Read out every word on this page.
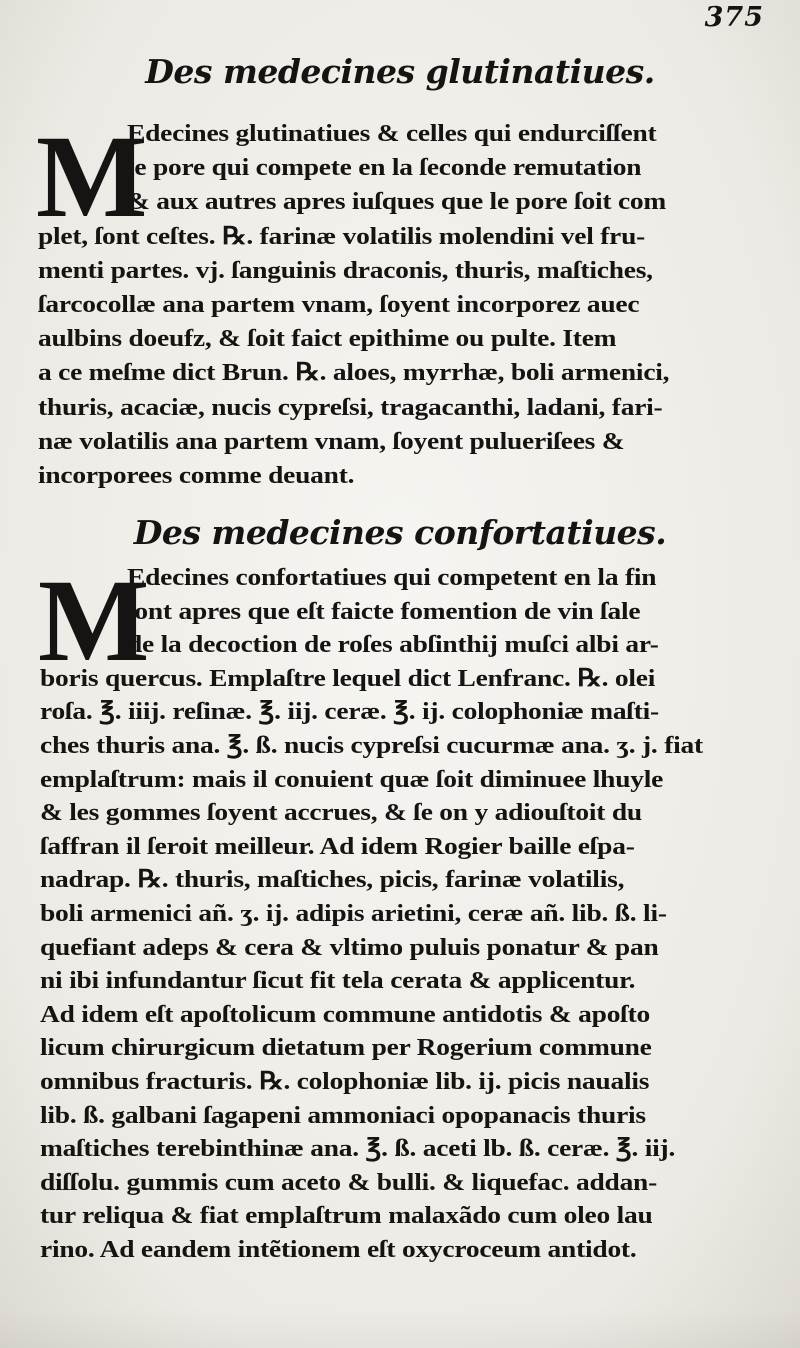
375
Des medecines glutinatiues.
M
Edecines glutinatiues & celles qui endurciſſent
le pore qui compete en la ſeconde remutation
& aux autres apres iuſques que le pore ſoit com
plet, ſont ceſtes. ℞. farinæ volatilis molendini vel fru-
menti partes. vj. ſanguinis draconis, thuris, maſtiches,
ſarcocollæ ana partem vnam, ſoyent incorporez auec
aulbins doeufz, & ſoit faict epithime ou pulte. Item
a ce meſme dict Brun. ℞. aloes, myrrhæ, boli armenici,
thuris, acaciæ, nucis cypreſsi, tragacanthi, ladani, fari-
næ volatilis ana partem vnam, ſoyent pulueriſees &
incorporees comme deuant.
Des medecines confortatiues.
M
Edecines confortatiues qui competent en la fin
ſont apres que eſt faicte fomention de vin ſale
de la decoction de roſes abſinthij muſci albi ar-
boris quercus. Emplaſtre lequel dict Lenfranc. ℞. olei
roſa. ℥. iiij. reſinæ. ℥. iij. ceræ. ℥. ij. colophoniæ maſti-
ches thuris ana. ℥. ß. nucis cypreſsi cucurmæ ana. ʒ. j. fiat
emplaſtrum: mais il conuient quæ ſoit diminuee lhuyle
& les gommes ſoyent accrues, & ſe on y adiouſtoit du
ſaffran il ſeroit meilleur. Ad idem Rogier baille eſpa-
nadrap. ℞. thuris, maſtiches, picis, farinæ volatilis,
boli armenici añ. ʒ. ij. adipis arietini, ceræ añ. lib. ß. li-
quefiant adeps & cera & vltimo puluis ponatur & pan
ni ibi infundantur ſicut fit tela cerata & applicentur.
Ad idem eſt apoſtolicum commune antidotis & apoſto
licum chirurgicum dietatum per Rogerium commune
omnibus fracturis. ℞. colophoniæ lib. ij. picis naualis
lib. ß. galbani ſagapeni ammoniaci opopanacis thuris
maſtiches terebinthinæ ana. ℥. ß. aceti lb. ß. ceræ. ℥. iij.
diſſolu. gummis cum aceto & bulli. & liquefac. addan-
tur reliqua & fiat emplaſtrum malaxãdo cum oleo lau
rino. Ad eandem intẽtionem eſt oxycroceum antidot.
